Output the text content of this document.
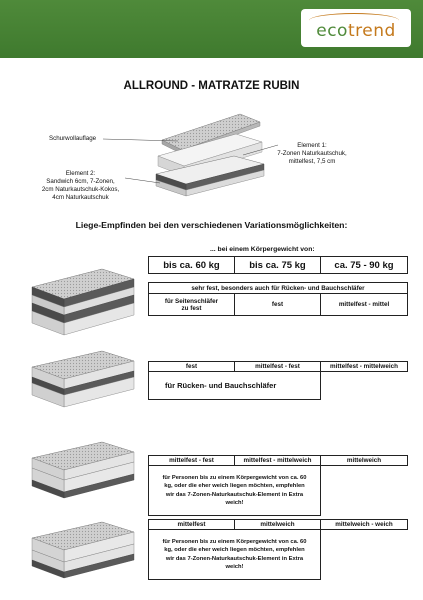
ecotrend
ALLROUND - MATRATZE RUBIN
Schurwollauflage
Element 1:
7-Zonen Naturkautschuk,
mittelfest, 7,5 cm
Element 2:
Sandwich 6cm, 7-Zonen,
2cm Naturkautschuk-Kokos,
4cm Naturkautschuk
Liege-Empfinden bei den verschiedenen Variationsmöglichkeiten:
... bei einem Körpergewicht von:
bis ca. 60 kg	bis ca. 75 kg	ca. 75 - 90 kg
sehr fest, besonders auch für Rücken- und Bauchschläfer

für Seitenschläfer
zu fest	fest	mittelfest - mittel
fest	mittelfest - fest	mittelfest - mittelweich
für Rücken- und Bauchschläfer		
mittelfest - fest	mittelfest - mittelweich	mittelweich

für Personen bis zu einem Körpergewicht von ca. 60
kg, oder die eher weich liegen möchten, empfehlen
wir das 7-Zonen-Naturkautschuk-Element in Extra
weich!		

mittelfest	mittelweich	mittelweich - weich

für Personen bis zu einem Körpergewicht von ca. 60
kg, oder die eher weich liegen möchten, empfehlen
wir das 7-Zonen-Naturkautschuk-Element in Extra
weich!		
